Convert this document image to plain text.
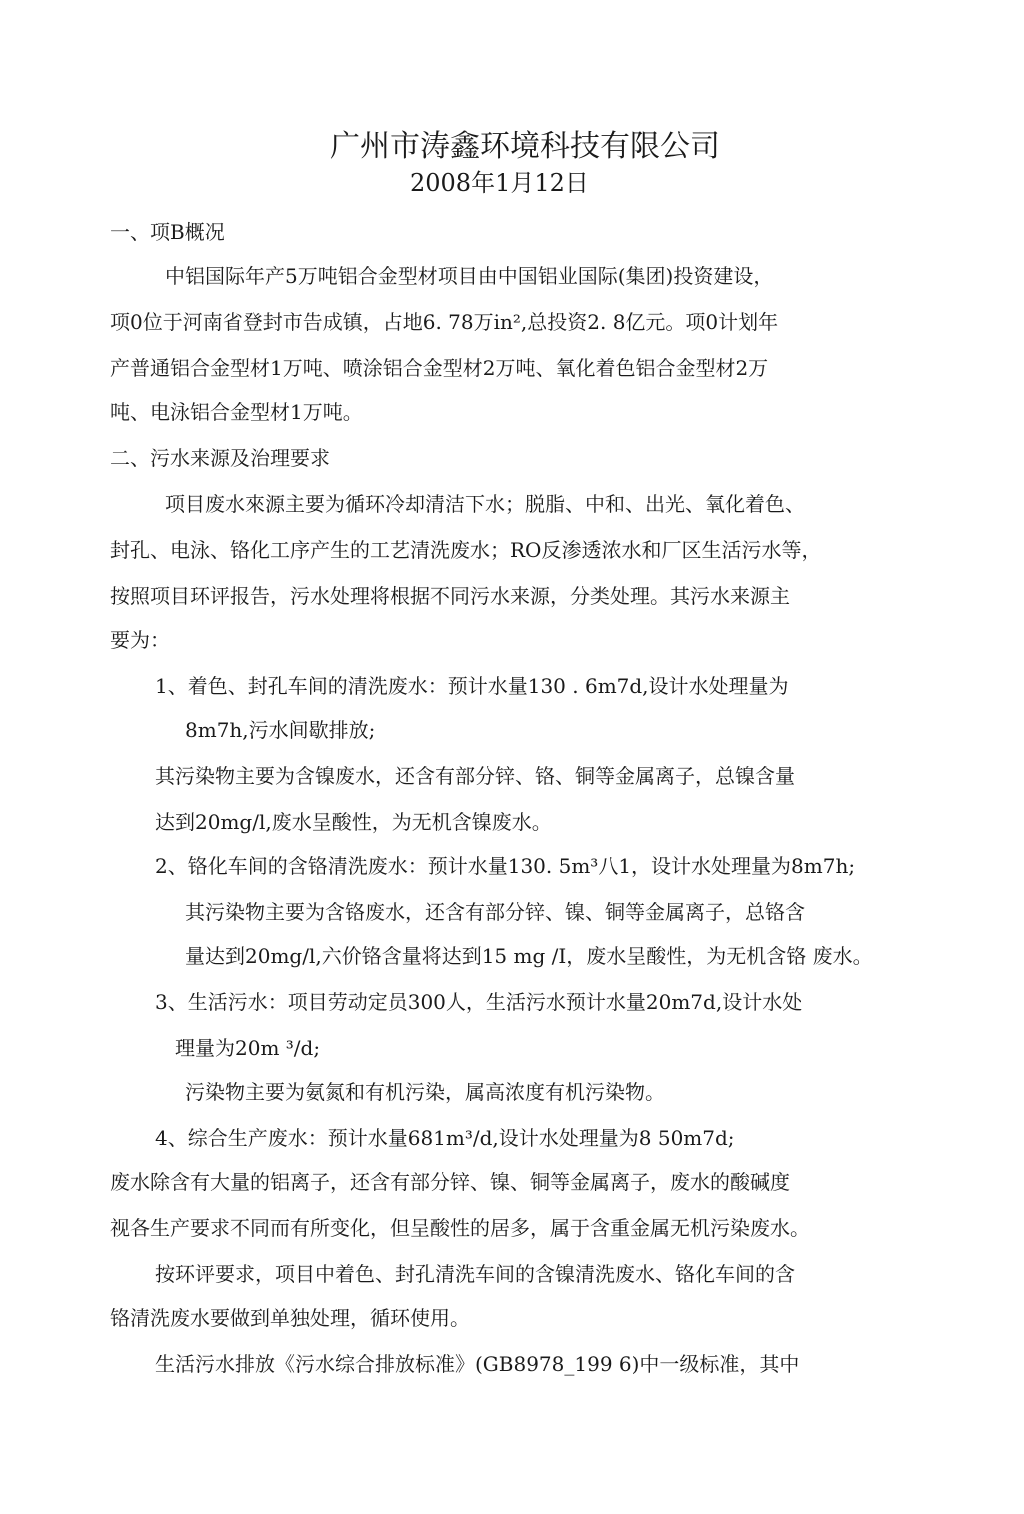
广州市涛鑫环境科技有限公司
2008年1月12日
一、项B概况
中铝国际年产5万吨铝合金型材项目由中国铝业国际(集团)投资建设，
项0位于河南省登封市告成镇，占地6. 78万in²,总投资2. 8亿元。项0计划年
产普通铝合金型材1万吨、喷涂铝合金型材2万吨、氧化着色铝合金型材2万
吨、电泳铝合金型材1万吨。
二、污水来源及治理要求
项目废水來源主要为循环冷却清洁下水；脱脂、中和、出光、氧化着色、
封孔、电泳、铬化工序产生的工艺清洗废水；RO反渗透浓水和厂区生活污水等，
按照项目环评报告，污水处理将根据不同污水来源，分类处理。其污水来源主
要为：
1、着色、封孔车间的清洗废水：预计水量130 . 6m7d,设计水处理量为
8m7h,污水间歇排放;
其污染物主要为含镍废水，还含有部分锌、铬、铜等金属离子，总镍含量
达到20mg/l,废水呈酸性，为无机含镍废水。
2、铬化车间的含铬清洗废水：预计水量130. 5m³八1，设计水处理量为8m7h;
其污染物主要为含铬废水，还含有部分锌、镍、铜等金属离子，总铬含
量达到20mg/l,六价铬含量将达到15 mg /I，废水呈酸性，为无机含铬 废水。
3、生活污水：项目劳动定员300人，生活污水预计水量20m7d,设计水处
理量为20m ³/d;
污染物主要为氨氮和有机污染，属高浓度有机污染物。
4、综合生产废水：预计水量681m³/d,设计水处理量为8 50m7d;
废水除含有大量的铝离子，还含有部分锌、镍、铜等金属离子，废水的酸碱度
视各生产要求不同而有所变化，但呈酸性的居多，属于含重金属无机污染废水。
按环评要求，项目中着色、封孔清洗车间的含镍清洗废水、铬化车间的含
铬清洗废水要做到单独处理，循环使用。
生活污水排放《污水综合排放标准》(GB8978_199 6)中一级标准，其中
